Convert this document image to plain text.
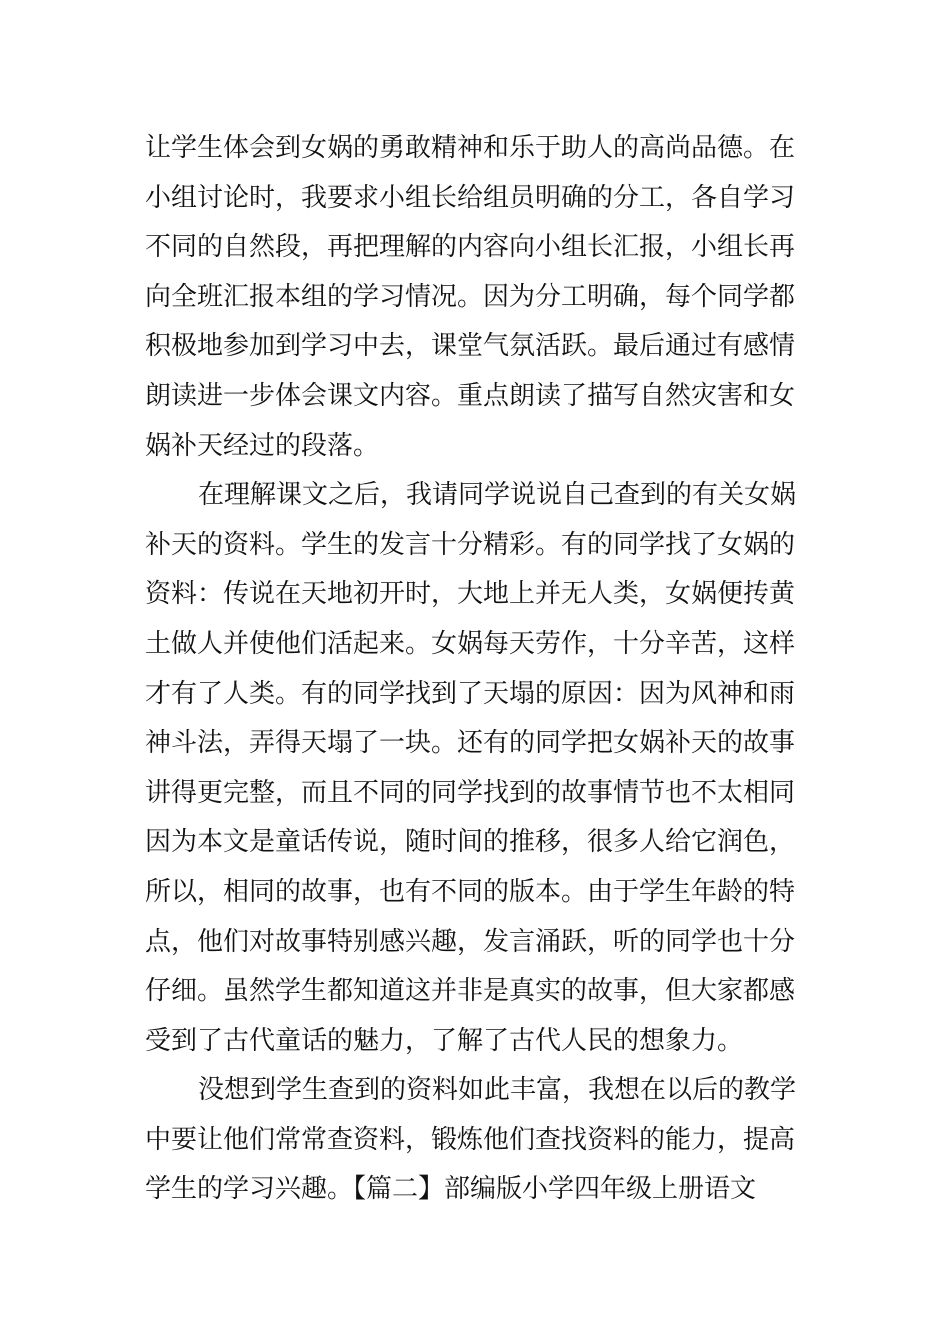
让学生体会到女娲的勇敢精神和乐于助人的高尚品德。在
小组讨论时，我要求小组长给组员明确的分工，各自学习
不同的自然段，再把理解的内容向小组长汇报，小组长再
向全班汇报本组的学习情况。因为分工明确，每个同学都
积极地参加到学习中去，课堂气氛活跃。最后通过有感情
朗读进一步体会课文内容。重点朗读了描写自然灾害和女
娲补天经过的段落。
在理解课文之后，我请同学说说自己查到的有关女娲
补天的资料。学生的发言十分精彩。有的同学找了女娲的
资料：传说在天地初开时，大地上并无人类，女娲便抟黄
土做人并使他们活起来。女娲每天劳作，十分辛苦，这样
才有了人类。有的同学找到了天塌的原因：因为风神和雨
神斗法，弄得天塌了一块。还有的同学把女娲补天的故事
讲得更完整，而且不同的同学找到的故事情节也不太相同
因为本文是童话传说，随时间的推移，很多人给它润色，
所以，相同的故事，也有不同的版本。由于学生年龄的特
点，他们对故事特别感兴趣，发言涌跃，听的同学也十分
仔细。虽然学生都知道这并非是真实的故事，但大家都感
受到了古代童话的魅力，了解了古代人民的想象力。
没想到学生查到的资料如此丰富，我想在以后的教学
中要让他们常常查资料，锻炼他们查找资料的能力，提高
学生的学习兴趣。【篇二】部编版小学四年级上册语文
